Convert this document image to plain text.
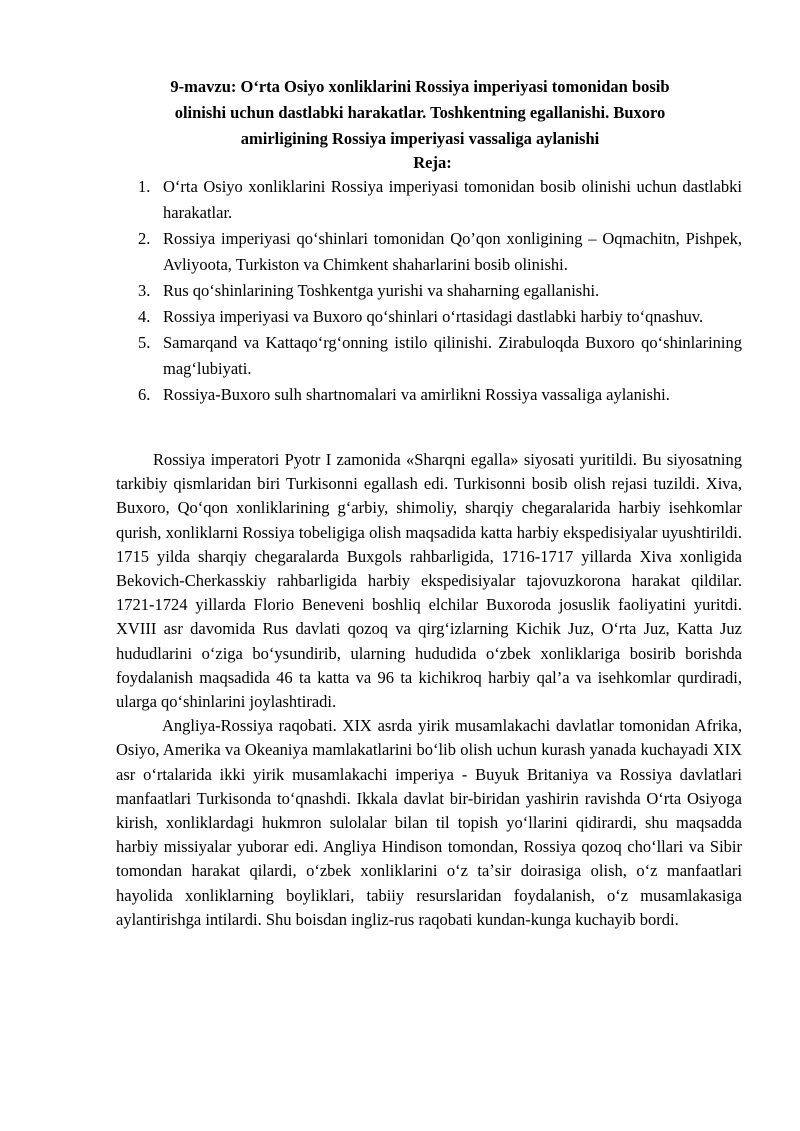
9-mavzu: Oʻrta Osiyo xonliklarini Rossiya imperiyasi tomonidan bosib
olinishi uchun dastlabki harakatlar. Toshkentning egallanishi. Buxoro
amirligining Rossiya imperiyasi vassaliga aylanishi
Reja:
1. Oʻrta Osiyo xonliklarini Rossiya imperiyasi tomonidan bosib olinishi uchun dastlabki harakatlar.
2. Rossiya imperiyasi qoʻshinlari tomonidan Qo’qon xonligining – Oqmachitn, Pishpek, Avliyoota, Turkiston va Chimkent shaharlarini bosib olinishi.
3. Rus qoʻshinlarining Toshkentga yurishi va shaharning egallanishi.
4. Rossiya imperiyasi va Buxoro qoʻshinlari oʻrtasidagi dastlabki harbiy toʻqnashuv.
5. Samarqand va Kattaqoʻrgʻonning istilo qilinishi. Zirabuloqda Buxoro qoʻshinlarining magʻlubiyati.
6. Rossiya-Buxoro sulh shartnomalari va amirlikni Rossiya vassaliga aylanishi.

Rossiya imperatori Pyotr I zamonida «Sharqni egalla» siyosati yuritildi. Bu siyosatning tarkibiy qismlaridan biri Turkisonni egallash edi. Turkisonni bosib olish rejasi tuzildi. Xiva, Buxoro, Qoʻqon xonliklarining gʻarbiy, shimoliy, sharqiy chegaralarida harbiy isehkomlar qurish, xonliklarni Rossiya tobeligiga olish maqsadida katta harbiy ekspedisiyalar uyushtirildi. 1715 yilda sharqiy chegaralarda Buxgols rahbarligida, 1716-1717 yillarda Xiva xonligida Bekovich-Cherkasskiy rahbarligida harbiy ekspedisiyalar tajovuzkorona harakat qildilar. 1721-1724 yillarda Florio Beneveni boshliq elchilar Buxoroda josuslik faoliyatini yuritdi. XVIII asr davomida Rus davlati qozoq va qirgʻizlarning Kichik Juz, Oʻrta Juz, Katta Juz hududlarini oʻziga boʻysundirib, ularning hududida oʻzbek xonliklariga bosirib borishda foydalanish maqsadida 46 ta katta va 96 ta kichikroq harbiy qal’a va isehkomlar qurdiradi, ularga qoʻshinlarini joylashtiradi.

Angliya-Rossiya raqobati. XIX asrda yirik musamlakachi davlatlar tomonidan Afrika, Osiyo, Amerika va Okeaniya mamlakatlarini boʻlib olish uchun kurash yanada kuchayadi XIX asr oʻrtalarida ikki yirik musamlakachi imperiya - Buyuk Britaniya va Rossiya davlatlari manfaatlari Turkisonda toʻqnashdi. Ikkala davlat bir-biridan yashirin ravishda Oʻrta Osiyoga kirish, xonliklardagi hukmron sulolalar bilan til topish yoʻllarini qidirardi, shu maqsadda harbiy missiyalar yuborar edi. Angliya Hindison tomondan, Rossiya qozoq choʻllari va Sibir tomondan harakat qilardi, oʻzbek xonliklarini oʻz taʼsir doirasiga olish, oʻz manfaatlari hayolida xonliklarning boyliklari, tabiiy resurslaridan foydalanish, oʻz musamlakasiga aylantirishga intilardi. Shu boisdan ingliz-rus raqobati kundan-kunga kuchayib bordi.
